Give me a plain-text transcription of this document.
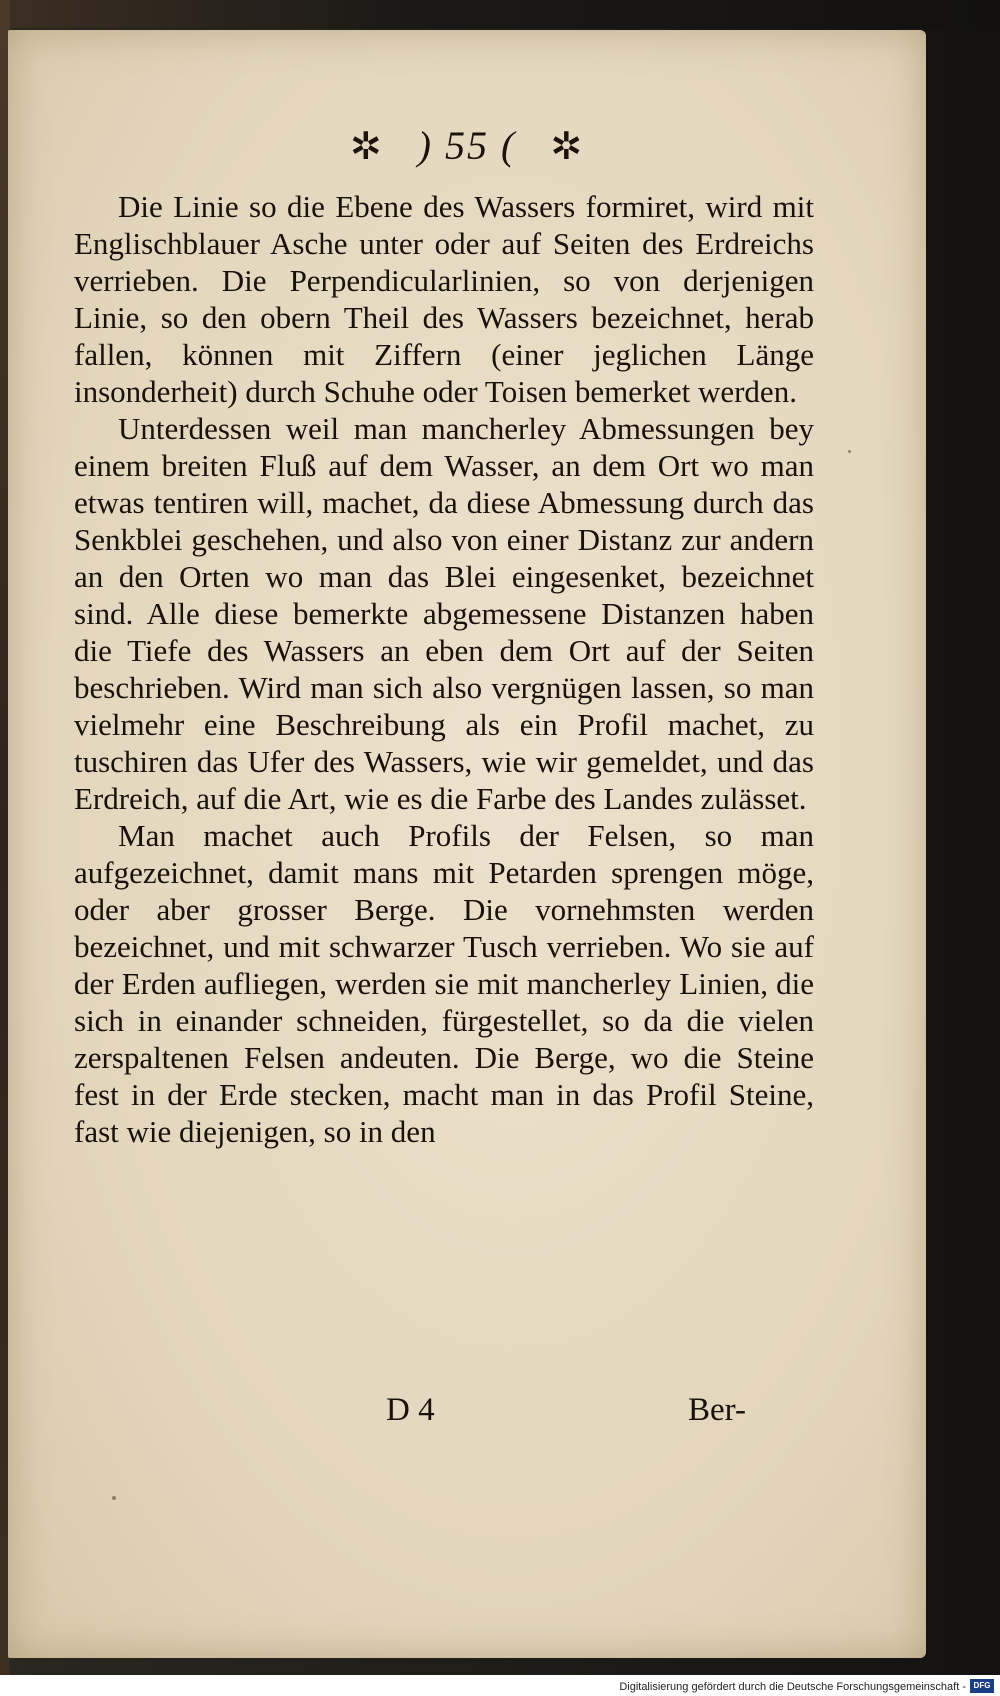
✲ ) 55 ( ✲

Die Linie so die Ebene des Wassers formiret, wird mit Englischblauer Asche unter oder auf Seiten des Erdreichs verrieben. Die Perpendicularlinien, so von derjenigen Linie, so den obern Theil des Wassers bezeichnet, herab fallen, können mit Ziffern (einer jeglichen Länge insonderheit) durch Schuhe oder Toisen bemerket werden.

Unterdessen weil man mancherley Abmessungen bey einem breiten Fluß auf dem Wasser, an dem Ort wo man etwas tentiren will, machet, da diese Abmessung durch das Senkblei geschehen, und also von einer Distanz zur andern an den Orten wo man das Blei eingesenket, bezeichnet sind. Alle diese bemerkte abgemessene Distanzen haben die Tiefe des Wassers an eben dem Ort auf der Seiten beschrieben. Wird man sich also vergnügen lassen, so man vielmehr eine Beschreibung als ein Profil machet, zu tuschiren das Ufer des Wassers, wie wir gemeldet, und das Erdreich, auf die Art, wie es die Farbe des Landes zulässet.

Man machet auch Profils der Felsen, so man aufgezeichnet, damit mans mit Petarden sprengen möge, oder aber grosser Berge. Die vornehmsten werden bezeichnet, und mit schwarzer Tusch verrieben. Wo sie auf der Erden aufliegen, werden sie mit mancherley Linien, die sich in einander schneiden, fürgestellet, so da die vielen zerspaltenen Felsen andeuten. Die Berge, wo die Steine fest in der Erde stecken, macht man in das Profil Steine, fast wie diejenigen, so in den

D 4	Ber-
Digitalisierung gefördert durch die Deutsche Forschungsgemeinschaft - DFG
